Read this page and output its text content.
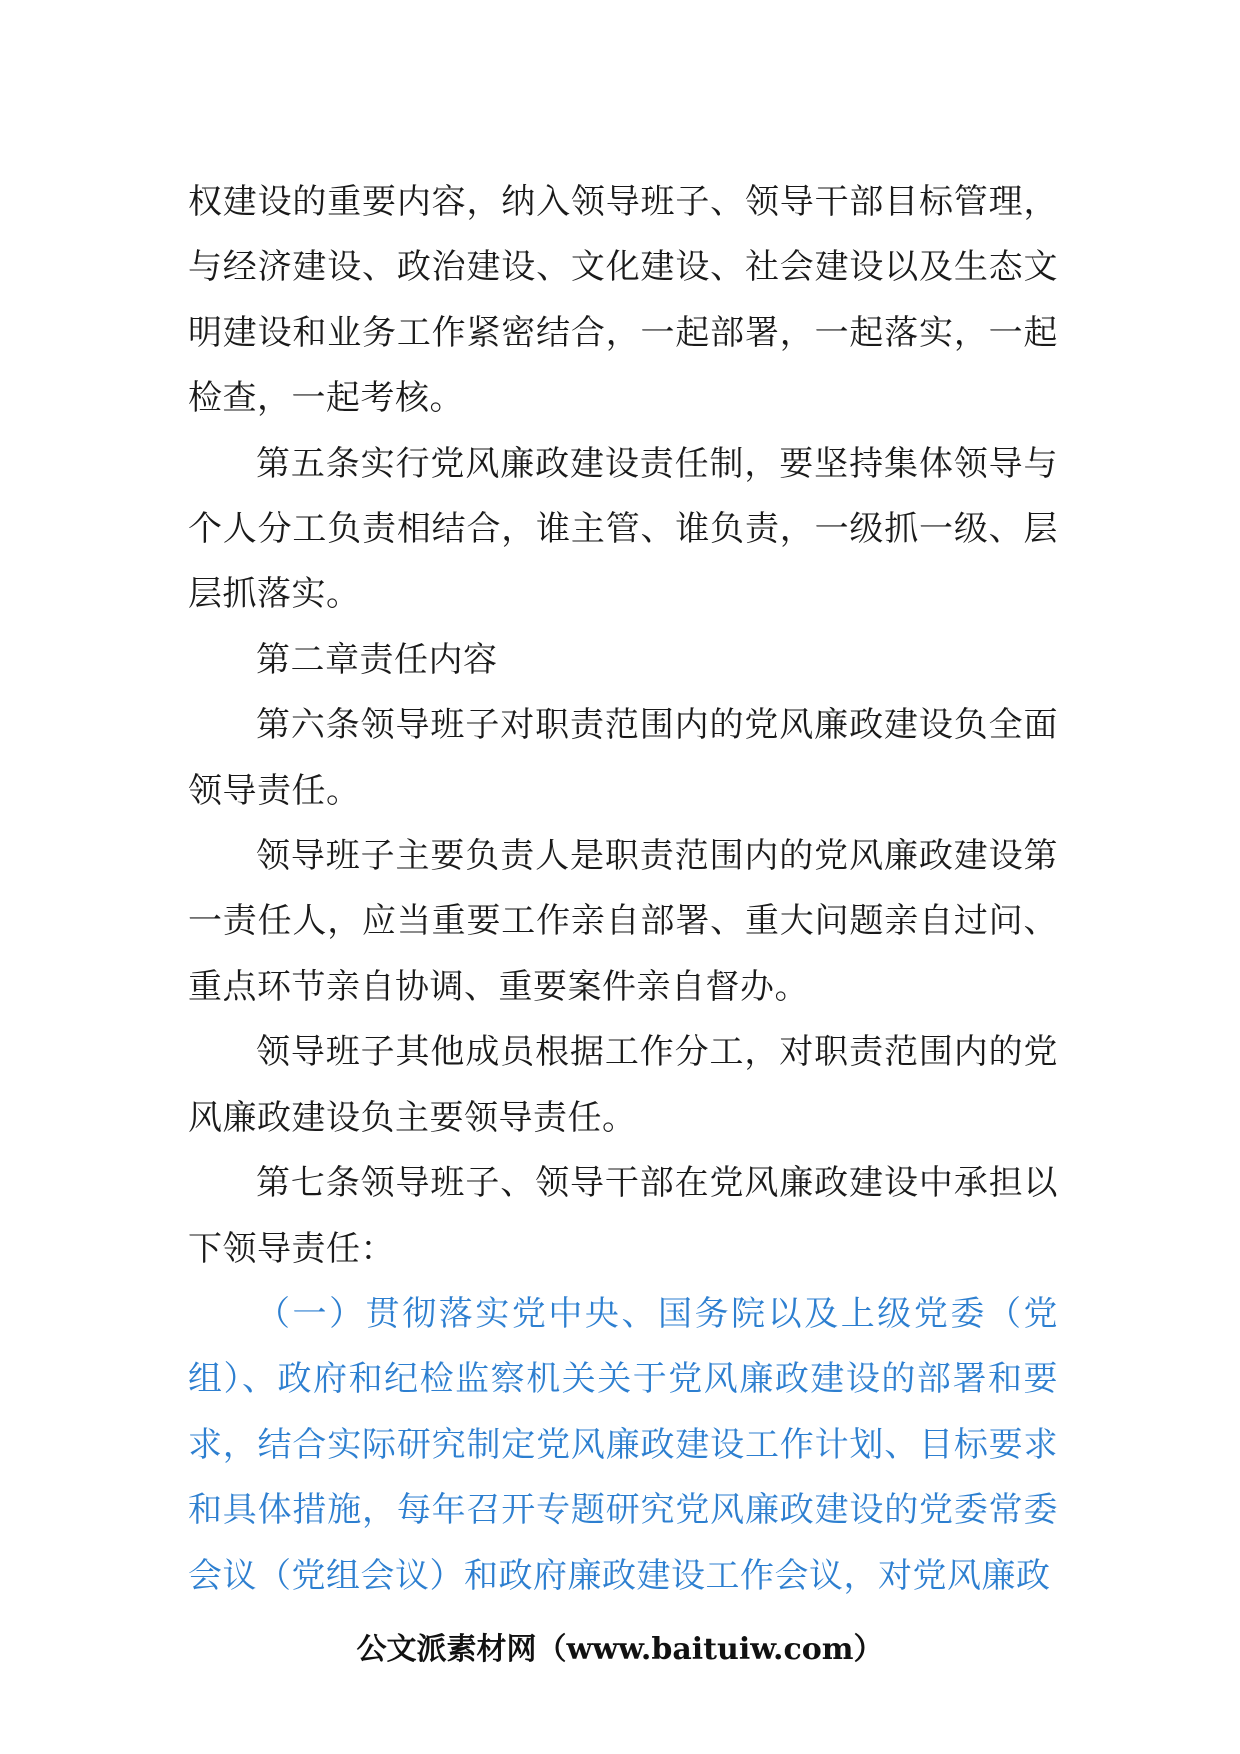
权建设的重要内容，纳入领导班子、领导干部目标管理，与经济建设、政治建设、文化建设、社会建设以及生态文明建设和业务工作紧密结合，一起部署，一起落实，一起检查，一起考核。

第五条实行党风廉政建设责任制，要坚持集体领导与个人分工负责相结合，谁主管、谁负责，一级抓一级、层层抓落实。

第二章责任内容

第六条领导班子对职责范围内的党风廉政建设负全面领导责任。

领导班子主要负责人是职责范围内的党风廉政建设第一责任人，应当重要工作亲自部署、重大问题亲自过问、重点环节亲自协调、重要案件亲自督办。

领导班子其他成员根据工作分工，对职责范围内的党风廉政建设负主要领导责任。

第七条领导班子、领导干部在党风廉政建设中承担以下领导责任：

（一）贯彻落实党中央、国务院以及上级党委（党组）、政府和纪检监察机关关于党风廉政建设的部署和要求，结合实际研究制定党风廉政建设工作计划、目标要求和具体措施，每年召开专题研究党风廉政建设的党委常委会议（党组会议）和政府廉政建设工作会议，对党风廉政

公文派素材网（www.baituiw.com）
